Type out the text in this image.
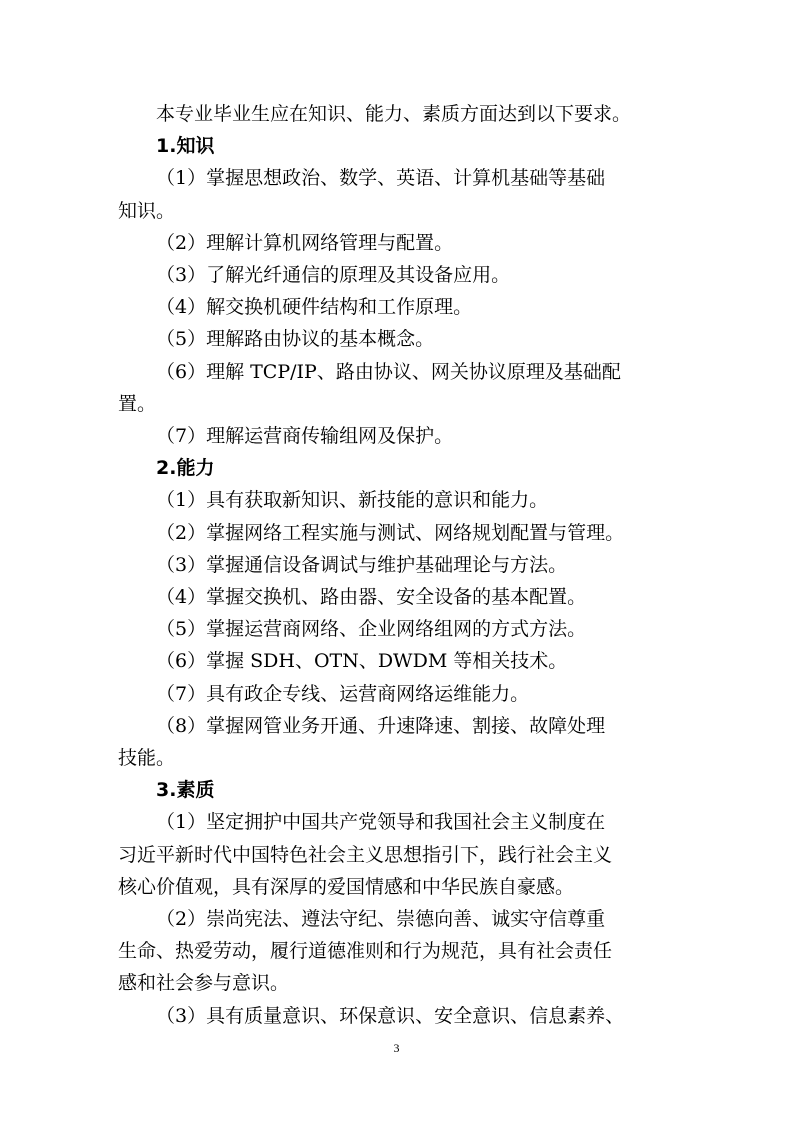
本专业毕业生应在知识、能力、素质方面达到以下要求。

1.知识

（1）掌握思想政治、数学、英语、计算机基础等基础

知识。

（2）理解计算机网络管理与配置。

（3）了解光纤通信的原理及其设备应用。

（4）解交换机硬件结构和工作原理。

（5）理解路由协议的基本概念。

（6）理解 TCP/IP、路由协议、网关协议原理及基础配

置。

（7）理解运营商传输组网及保护。

2.能力

（1）具有获取新知识、新技能的意识和能力。

（2）掌握网络工程实施与测试、网络规划配置与管理。

（3）掌握通信设备调试与维护基础理论与方法。

（4）掌握交换机、路由器、安全设备的基本配置。

（5）掌握运营商网络、企业网络组网的方式方法。

（6）掌握 SDH、OTN、DWDM 等相关技术。

（7）具有政企专线、运营商网络运维能力。

（8）掌握网管业务开通、升速降速、割接、故障处理

技能。

3.素质

（1）坚定拥护中国共产党领导和我国社会主义制度在

习近平新时代中国特色社会主义思想指引下，践行社会主义

核心价值观，具有深厚的爱国情感和中华民族自豪感。

（2）崇尚宪法、遵法守纪、崇德向善、诚实守信尊重

生命、热爱劳动，履行道德准则和行为规范，具有社会责任

感和社会参与意识。

（3）具有质量意识、环保意识、安全意识、信息素养、

3
